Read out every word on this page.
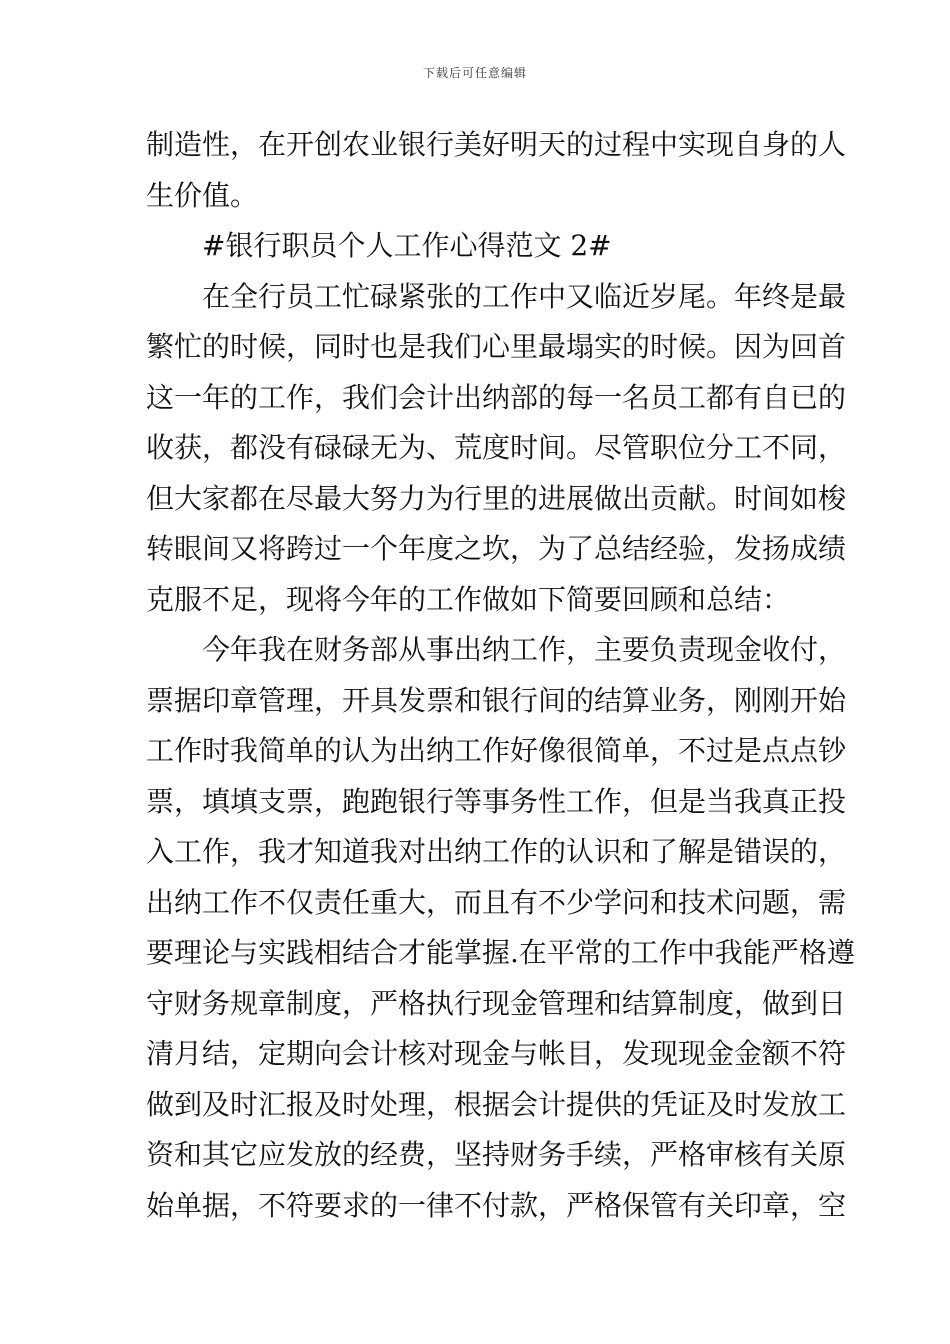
下载后可任意编辑
制造性，在开创农业银行美好明天的过程中实现自身的人
生价值。
#银行职员个人工作心得范文 2#
在全行员工忙碌紧张的工作中又临近岁尾。年终是最
繁忙的时候，同时也是我们心里最塌实的时候。因为回首
这一年的工作，我们会计出纳部的每一名员工都有自已的
收获，都没有碌碌无为、荒度时间。尽管职位分工不同，
但大家都在尽最大努力为行里的进展做出贡献。时间如梭
转眼间又将跨过一个年度之坎，为了总结经验，发扬成绩
克服不足，现将今年的工作做如下简要回顾和总结：
今年我在财务部从事出纳工作，主要负责现金收付，
票据印章管理，开具发票和银行间的结算业务，刚刚开始
工作时我简单的认为出纳工作好像很简单，不过是点点钞
票，填填支票，跑跑银行等事务性工作，但是当我真正投
入工作，我才知道我对出纳工作的认识和了解是错误的，
出纳工作不仅责任重大，而且有不少学问和技术问题，需
要理论与实践相结合才能掌握.在平常的工作中我能严格遵
守财务规章制度，严格执行现金管理和结算制度，做到日
清月结，定期向会计核对现金与帐目，发现现金金额不符
做到及时汇报及时处理，根据会计提供的凭证及时发放工
资和其它应发放的经费，坚持财务手续，严格审核有关原
始单据，不符要求的一律不付款，严格保管有关印章，空
